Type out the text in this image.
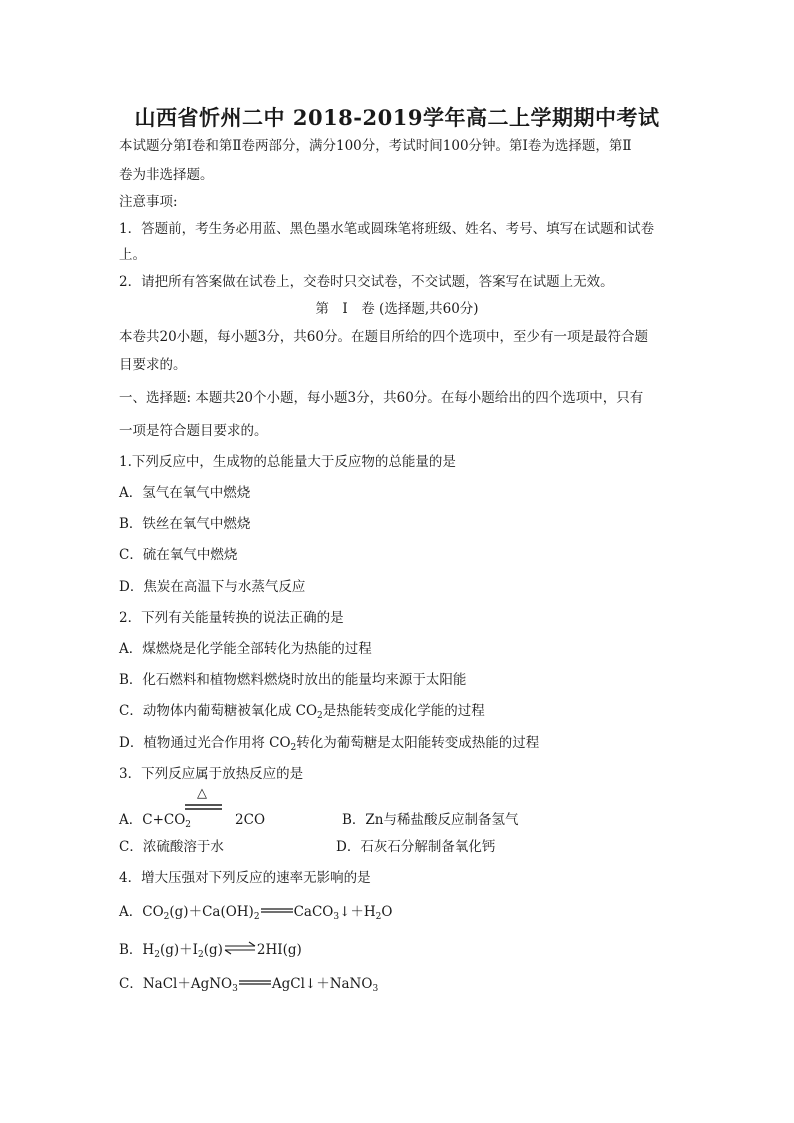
山西省忻州二中 2018-2019学年高二上学期期中考试
本试题分第Ⅰ卷和第Ⅱ卷两部分，满分100分，考试时间100分钟。第Ⅰ卷为选择题，第Ⅱ
卷为非选择题。
注意事项:
1．答题前，考生务必用蓝、黑色墨水笔或圆珠笔将班级、姓名、考号、填写在试题和试卷
上。
2．请把所有答案做在试卷上，交卷时只交试卷，不交试题，答案写在试题上无效。
第　Ⅰ　卷 (选择题,共60分)
本卷共20小题，每小题3分，共60分。在题目所给的四个选项中，至少有一项是最符合题
目要求的。
一、选择题: 本题共20个小题，每小题3分，共60分。在每小题给出的四个选项中，只有
一项是符合题目要求的。
1.下列反应中，生成物的总能量大于反应物的总能量的是
A．氢气在氧气中燃烧
B．铁丝在氧气中燃烧
C．硫在氧气中燃烧
D．焦炭在高温下与水蒸气反应
2．下列有关能量转换的说法正确的是
A．煤燃烧是化学能全部转化为热能的过程
B．化石燃料和植物燃料燃烧时放出的能量均来源于太阳能
C．动物体内葡萄糖被氧化成 $CO_2$是热能转变成化学能的过程
D．植物通过光合作用将 $CO_2$转化为葡萄糖是太阳能转变成热能的过程
3．下列反应属于放热反应的是
△
A．$C+CO_2$	2CO	B．Zn与稀盐酸反应制备氢气
C．浓硫酸溶于水	D．石灰石分解制备氧化钙
4．增大压强对下列反应的速率无影响的是
A．$CO_2(g)+Ca(OH)_2$	$CaCO_3↓+H_2O$
B．$H_2(g)+I_2(g)\rightleftharpoons 2HI(g)$
C．NaCl＋AgNO$_3$	AgCl↓＋NaNO$_3$
